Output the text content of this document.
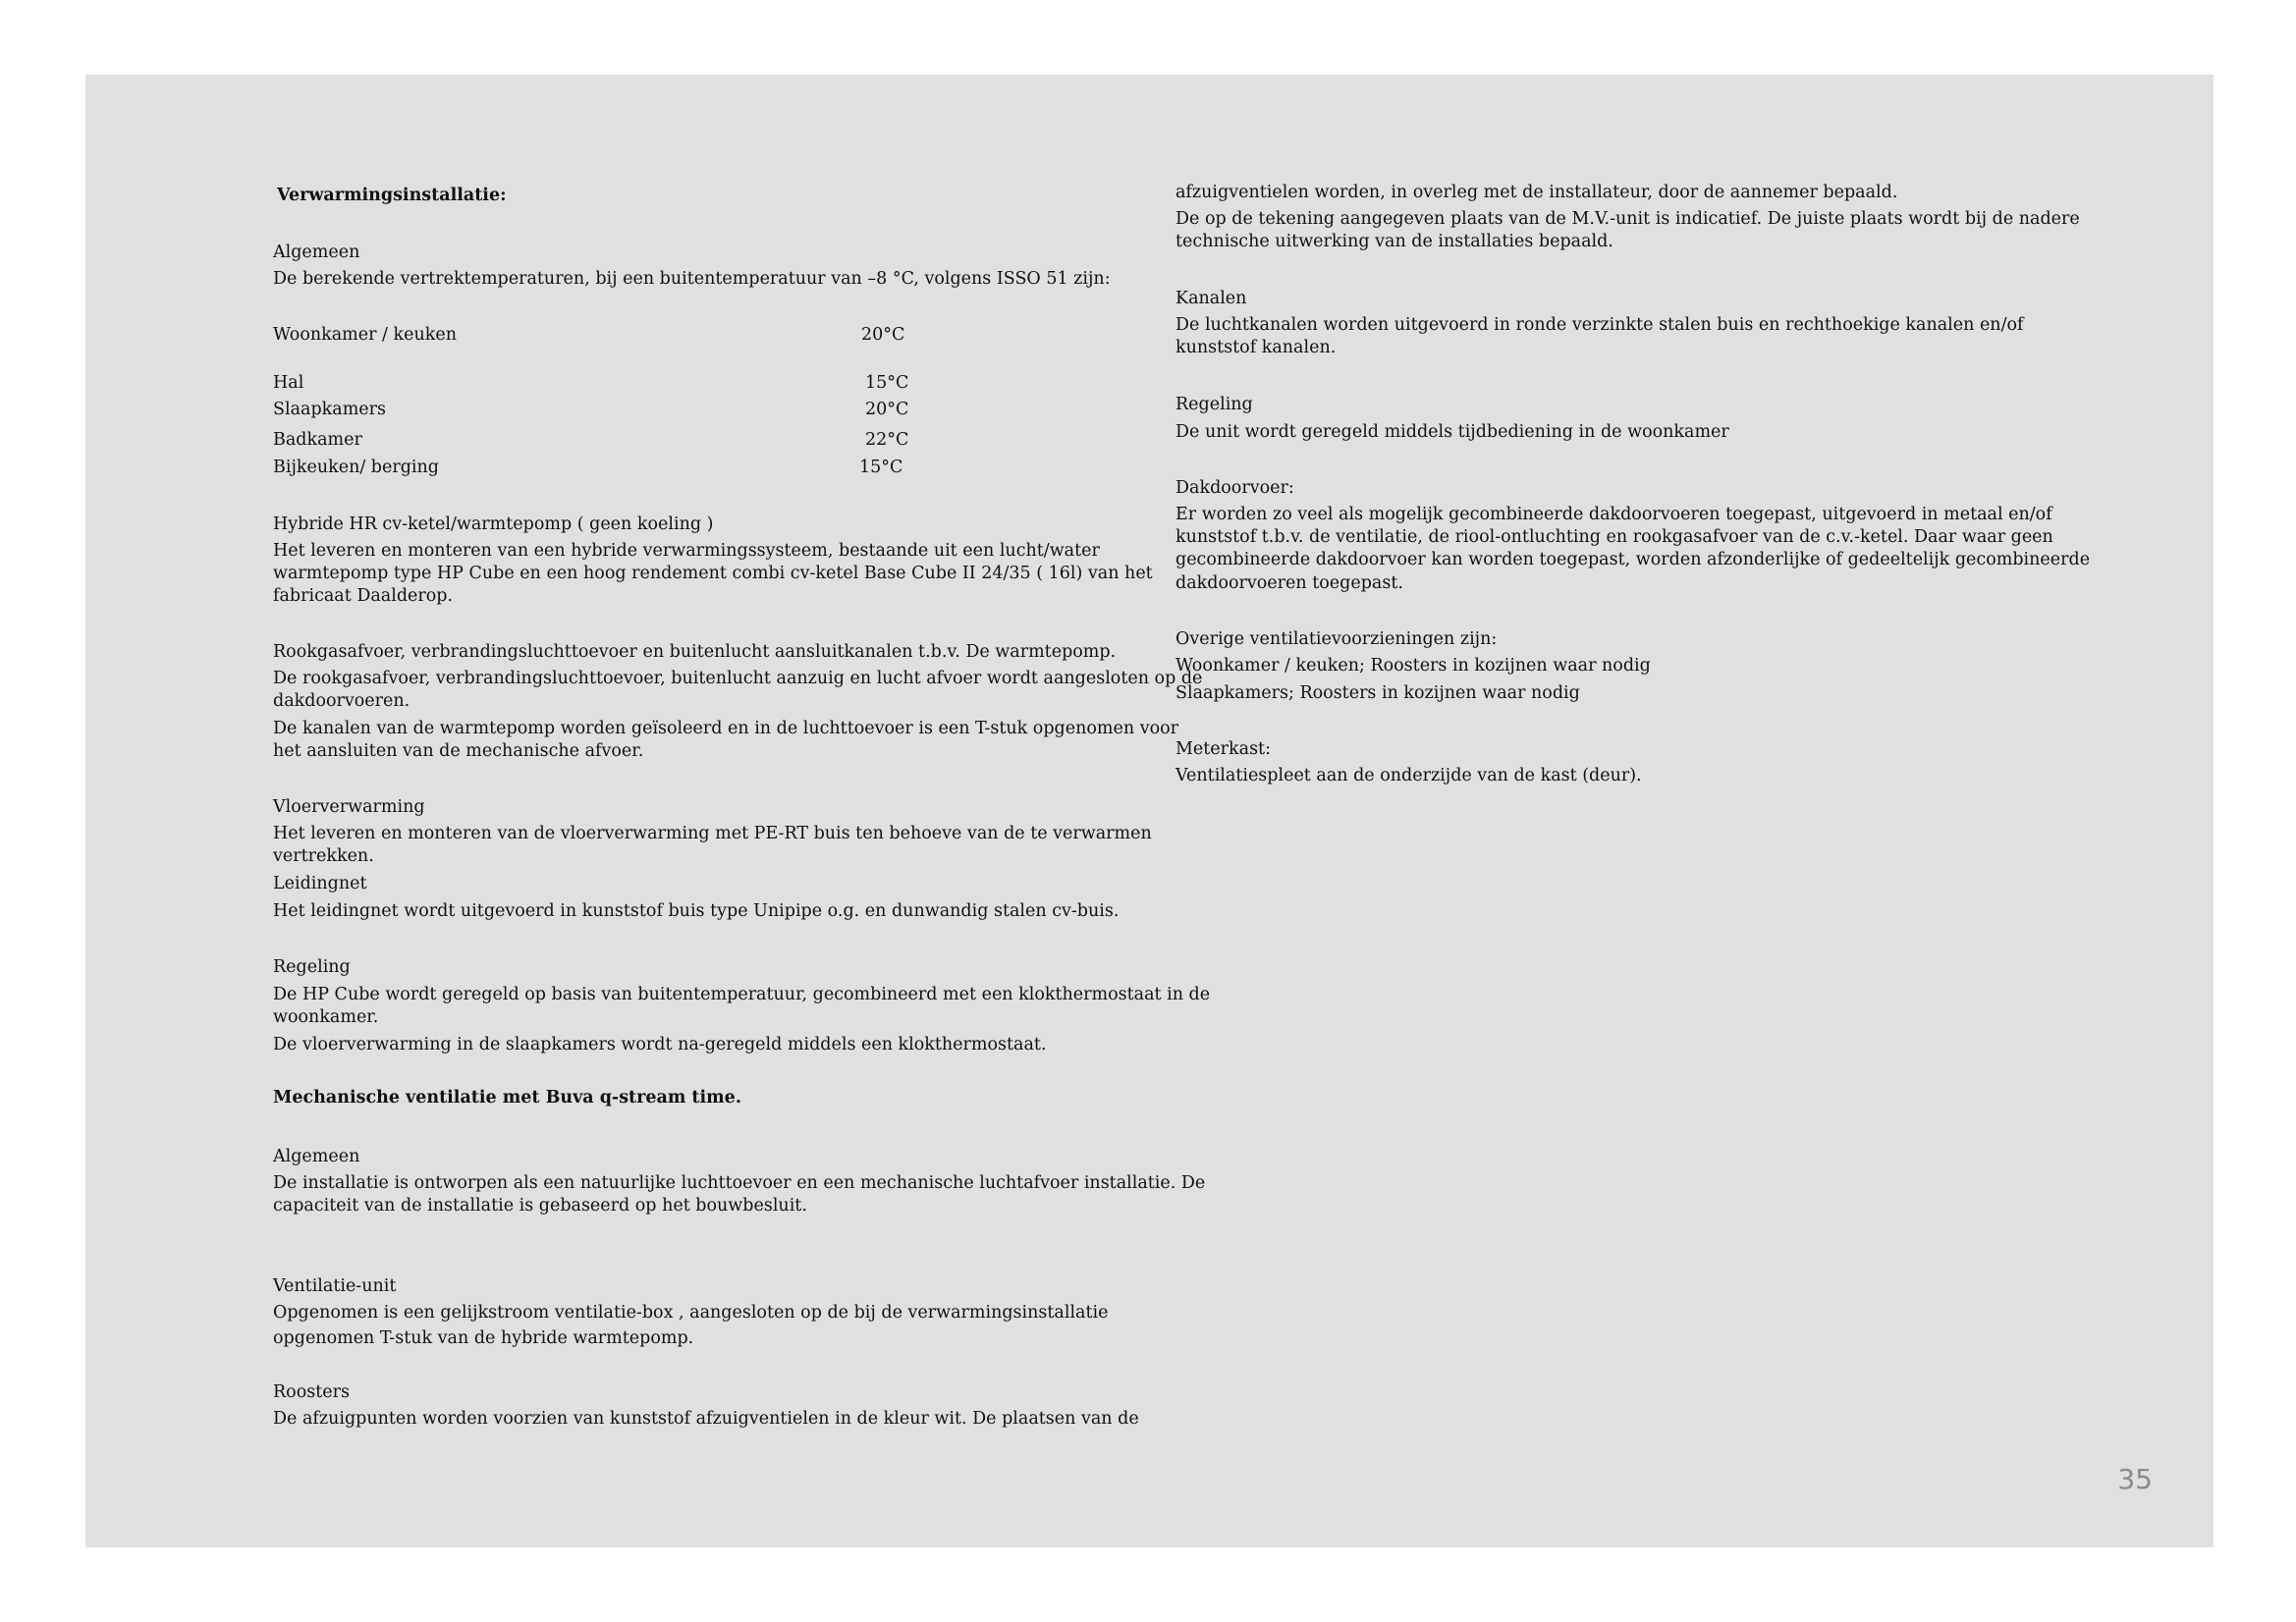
Verwarmingsinstallatie:

Algemeen

De berekende vertrektemperaturen, bij een buitentemperatuur van –8 °C, volgens ISSO 51 zijn:

Woonkamer / keuken	20°C
Hal	15°C
Slaapkamers	20°C
Badkamer	22°C
Bijkeuken/ berging	15°C

Hybride HR cv-ketel/warmtepomp ( geen koeling )

Het leveren en monteren van een hybride verwarmingssysteem, bestaande uit een lucht/water

warmtepomp type HP Cube en een hoog rendement combi cv-ketel Base Cube II 24/35 ( 16l) van het

fabricaat Daalderop.

Rookgasafvoer, verbrandingsluchttoevoer en buitenlucht aansluitkanalen t.b.v. De warmtepomp.

De rookgasafvoer, verbrandingsluchttoevoer, buitenlucht aanzuig en lucht afvoer wordt aangesloten op de

dakdoorvoeren.

De kanalen van de warmtepomp worden geïsoleerd en in de luchttoevoer is een T-stuk opgenomen voor

het aansluiten van de mechanische afvoer.

Vloerverwarming

Het leveren en monteren van de vloerverwarming met PE-RT buis ten behoeve van de te verwarmen

vertrekken.

Leidingnet

Het leidingnet wordt uitgevoerd in kunststof buis type Unipipe o.g. en dunwandig stalen cv-buis.

Regeling

De HP Cube wordt geregeld op basis van buitentemperatuur, gecombineerd met een klokthermostaat in de

woonkamer.

De vloerverwarming in de slaapkamers wordt na-geregeld middels een klokthermostaat.

Mechanische ventilatie met Buva q-stream time.

Algemeen

De installatie is ontworpen als een natuurlijke luchttoevoer en een mechanische luchtafvoer installatie. De

capaciteit van de installatie is gebaseerd op het bouwbesluit.

Ventilatie-unit

Opgenomen is een gelijkstroom ventilatie-box , aangesloten op de bij de verwarmingsinstallatie

opgenomen T-stuk van de hybride warmtepomp.

Roosters

De afzuigpunten worden voorzien van kunststof afzuigventielen in de kleur wit. De plaatsen van de

afzuigventielen worden, in overleg met de installateur, door de aannemer bepaald.

De op de tekening aangegeven plaats van de M.V.-unit is indicatief. De juiste plaats wordt bij de nadere

technische uitwerking van de installaties bepaald.

Kanalen

De luchtkanalen worden uitgevoerd in ronde verzinkte stalen buis en rechthoekige kanalen en/of

kunststof kanalen.

Regeling

De unit wordt geregeld middels tijdbediening in de woonkamer

Dakdoorvoer:

Er worden zo veel als mogelijk gecombineerde dakdoorvoeren toegepast, uitgevoerd in metaal en/of

kunststof t.b.v. de ventilatie, de riool-ontluchting en rookgasafvoer van de c.v.-ketel. Daar waar geen

gecombineerde dakdoorvoer kan worden toegepast, worden afzonderlijke of gedeeltelijk gecombineerde

dakdoorvoeren toegepast.

Overige ventilatievoorzieningen zijn:

Woonkamer / keuken; Roosters in kozijnen waar nodig

Slaapkamers; Roosters in kozijnen waar nodig

Meterkast:

Ventilatiespleet aan de onderzijde van de kast (deur).

35
